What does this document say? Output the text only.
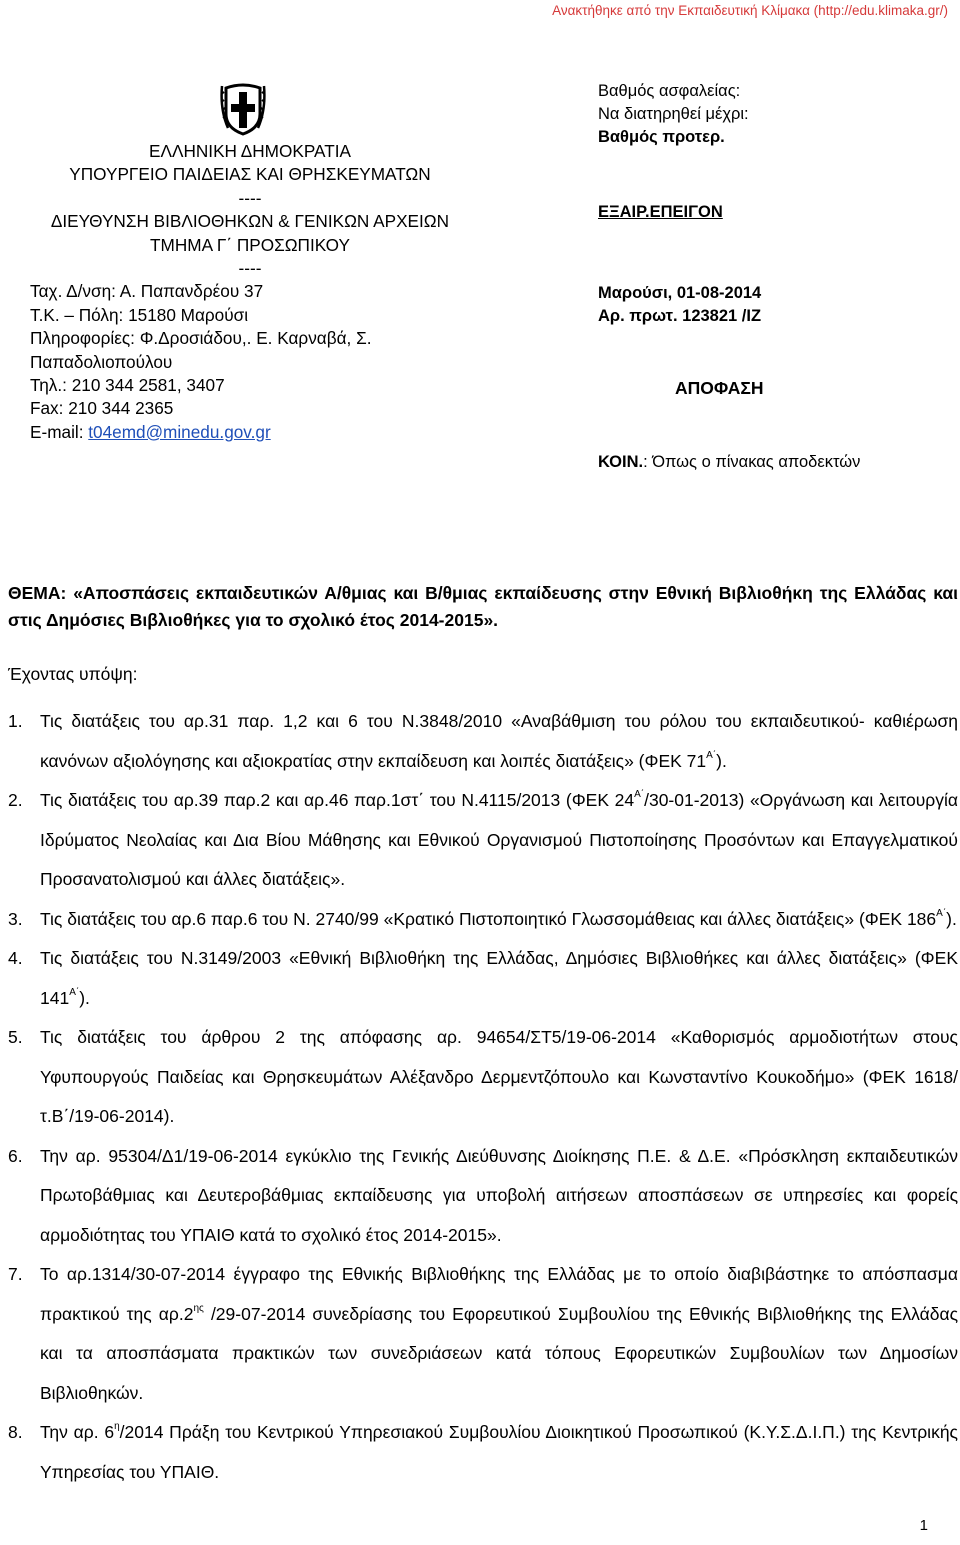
Ανακτήθηκε από την Εκπαιδευτική Κλίμακα (http://edu.klimaka.gr/)
ΕΛΛΗΝΙΚΗ ΔΗΜΟΚΡΑΤΙΑ
ΥΠΟΥΡΓΕΙΟ ΠΑΙΔΕΙΑΣ ΚΑΙ ΘΡΗΣΚΕΥΜΑΤΩΝ
----
ΔΙΕΥΘΥΝΣΗ ΒΙΒΛΙΟΘΗΚΩΝ & ΓΕΝΙΚΩΝ ΑΡΧΕΙΩΝ
ΤΜΗΜΑ Γ΄ ΠΡΟΣΩΠΙΚΟΥ
----
Ταχ. Δ/νση: Α. Παπανδρέου 37
Τ.Κ. – Πόλη: 15180 Μαρούσι
Πληροφορίες: Φ.Δροσιάδου,. Ε. Καρναβά, Σ. Παπαδολιοπούλου
Τηλ.: 210 344 2581, 3407
Fax: 210 344 2365
E-mail: t04emd@minedu.gov.gr
Βαθμός ασφαλείας:
Να διατηρηθεί μέχρι:
Βαθμός προτερ.
ΕΞΑΙΡ.ΕΠΕΙΓΟΝ
Μαρούσι, 01-08-2014
Αρ. πρωτ. 123821 /ΙΖ
ΑΠΟΦΑΣΗ
ΚΟΙΝ.: Όπως ο πίνακας αποδεκτών
ΘΕΜΑ: «Αποσπάσεις εκπαιδευτικών Α/θμιας και Β/θμιας εκπαίδευσης στην Εθνική Βιβλιοθήκη της Ελλάδας και στις Δημόσιες Βιβλιοθήκες για το σχολικό έτος 2014-2015».
Έχοντας υπόψη:
1. Τις διατάξεις του αρ.31 παρ. 1,2 και 6 του Ν.3848/2010 «Αναβάθμιση του ρόλου του εκπαιδευτικού- καθιέρωση κανόνων αξιολόγησης και αξιοκρατίας στην εκπαίδευση και λοιπές διατάξεις» (ΦΕΚ $71^{A΄}$).
2. Τις διατάξεις του αρ.39 παρ.2 και αρ.46 παρ.1στ΄ του Ν.4115/2013 (ΦΕΚ $24^{A΄}/30-01-2013$) «Οργάνωση και λειτουργία Ιδρύματος Νεολαίας και Δια Βίου Μάθησης και Εθνικού Οργανισμού Πιστοποίησης Προσόντων και Επαγγελματικού Προσανατολισμού και άλλες διατάξεις».
3. Τις διατάξεις του αρ.6 παρ.6 του Ν. 2740/99 «Κρατικό Πιστοποιητικό Γλωσσομάθειας και άλλες διατάξεις» (ΦΕΚ $186^{A΄}$).
4. Τις διατάξεις του Ν.3149/2003 «Εθνική Βιβλιοθήκη της Ελλάδας, Δημόσιες Βιβλιοθήκες και άλλες διατάξεις» (ΦΕΚ $141^{A΄}$).
5. Τις διατάξεις του άρθρου 2 της απόφασης αρ. 94654/ΣΤ5/19-06-2014 «Καθορισμός αρμοδιοτήτων στους Υφυπουργούς Παιδείας και Θρησκευμάτων Αλέξανδρο Δερμεντζόπουλο και Κωνσταντίνο Κουκοδήμο» (ΦΕΚ 1618/τ.Β΄/19-06-2014).
6. Την αρ. 95304/Δ1/19-06-2014 εγκύκλιο της Γενικής Διεύθυνσης Διοίκησης Π.Ε. & Δ.Ε. «Πρόσκληση εκπαιδευτικών Πρωτοβάθμιας και Δευτεροβάθμιας εκπαίδευσης για υποβολή αιτήσεων αποσπάσεων σε υπηρεσίες και φορείς αρμοδιότητας του ΥΠΑΙΘ κατά το σχολικό έτος 2014-2015».
7. Το αρ.1314/30-07-2014 έγγραφο της Εθνικής Βιβλιοθήκης της Ελλάδας με το οποίο διαβιβάστηκε το απόσπασμα πρακτικού της $\alpha\rho.2^{\eta\varsigma}$ /29-07-2014 συνεδρίασης του Εφορευτικού Συμβουλίου της Εθνικής Βιβλιοθήκης της Ελλάδας και τα αποσπάσματα πρακτικών των συνεδριάσεων κατά τόπους Εφορευτικών Συμβουλίων των Δημοσίων Βιβλιοθηκών.
8. Την αρ. $6^\eta/2014$ Πράξη του Κεντρικού Υπηρεσιακού Συμβουλίου Διοικητικού Προσωπικού (Κ.Υ.Σ.Δ.Ι.Π.) της Κεντρικής Υπηρεσίας του ΥΠΑΙΘ.
1
